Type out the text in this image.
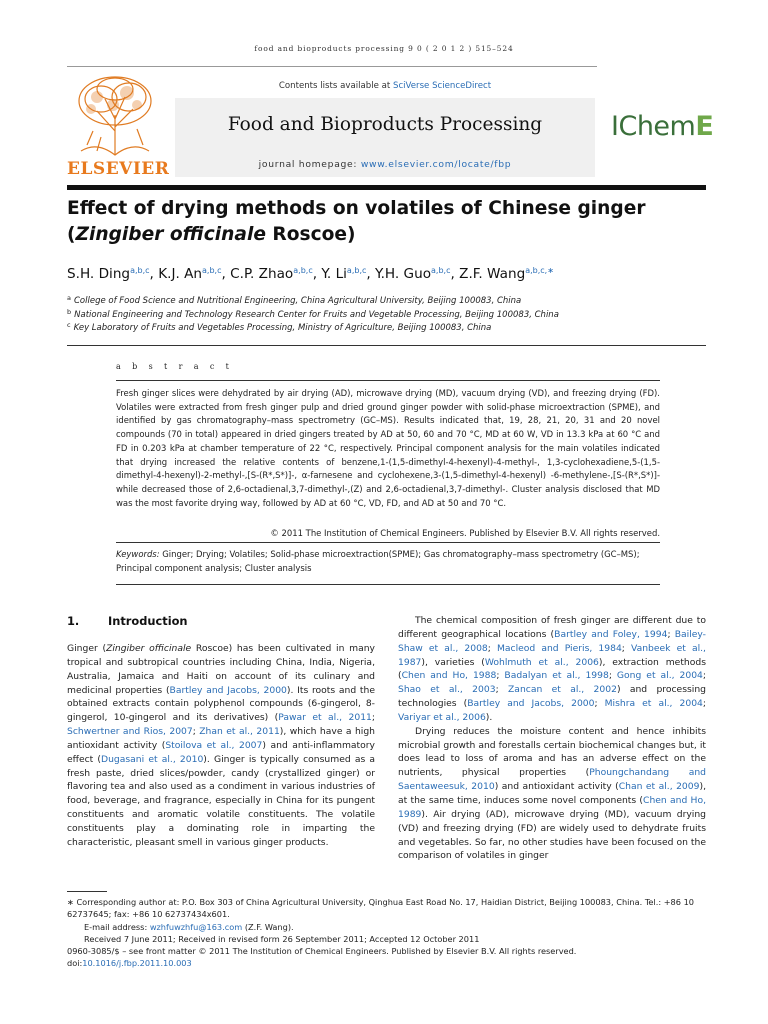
food and bioproducts processing 9 0 ( 2 0 1 2 ) 515–524
ELSEVIER
Contents lists available at SciVerse ScienceDirect
Food and Bioproducts Processing
journal homepage: www.elsevier.com/locate/fbp
IChemE
Effect of drying methods on volatiles of Chinese ginger
(Zingiber officinale Roscoe)
S.H. Ding$^{a,b,c}$, K.J. An$^{a,b,c}$, C.P. Zhao$^{a,b,c}$, Y. Li$^{a,b,c}$, Y.H. Guo$^{a,b,c}$, Z.F. Wang$^{a,b,c,∗}$
$^a$ College of Food Science and Nutritional Engineering, China Agricultural University, Beijing 100083, China
$^b$ National Engineering and Technology Research Center for Fruits and Vegetable Processing, Beijing 100083, China
$^c$ Key Laboratory of Fruits and Vegetables Processing, Ministry of Agriculture, Beijing 100083, China
a b s t r a c t
Fresh ginger slices were dehydrated by air drying (AD), microwave drying (MD), vacuum drying (VD), and freezing drying (FD). Volatiles were extracted from fresh ginger pulp and dried ground ginger powder with solid-phase microextraction (SPME), and identified by gas chromatography–mass spectrometry (GC–MS). Results indicated that, 19, 28, 21, 20, 31 and 20 novel compounds (70 in total) appeared in dried gingers treated by AD at 50, 60 and 70 °C, MD at 60 W, VD in 13.3 kPa at 60 °C and FD in 0.203 kPa at chamber temperature of 22 °C, respectively. Principal component analysis for the main volatiles indicated that drying increased the relative contents of benzene,1-(1,5-dimethyl-4-hexenyl)-4-methyl-, 1,3-cyclohexadiene,5-(1,5-dimethyl-4-hexenyl)-2-methyl-,[S-(R*,S*)]-, α-farnesene and cyclohexene,3-(1,5-dimethyl-4-hexenyl) -6-methylene-,[S-(R*,S*)]- while decreased those of 2,6-octadienal,3,7-dimethyl-,(Z) and 2,6-octadienal,3,7-dimethyl-. Cluster analysis disclosed that MD was the most favorite drying way, followed by AD at 60 °C, VD, FD, and AD at 50 and 70 °C.
© 2011 The Institution of Chemical Engineers. Published by Elsevier B.V. All rights reserved.
Keywords: Ginger; Drying; Volatiles; Solid-phase microextraction(SPME); Gas chromatography–mass spectrometry (GC–MS); Principal component analysis; Cluster analysis
1.	Introduction

Ginger (Zingiber officinale Roscoe) has been cultivated in many tropical and subtropical countries including China, India, Nigeria, Australia, Jamaica and Haiti on account of its culinary and medicinal properties (Bartley and Jacobs, 2000). Its roots and the obtained extracts contain polyphenol compounds (6-gingerol, 8-gingerol, 10-gingerol and its derivatives) (Pawar et al., 2011; Schwertner and Rios, 2007; Zhan et al., 2011), which have a high antioxidant activity (Stoilova et al., 2007) and anti-inflammatory effect (Dugasani et al., 2010). Ginger is typically consumed as a fresh paste, dried slices/powder, candy (crystallized ginger) or flavoring tea and also used as a condiment in various industries of food, beverage, and fragrance, especially in China for its pungent constituents and aromatic volatile constituents. The volatile constituents play a dominating role in imparting the characteristic, pleasant smell in various ginger products.

The chemical composition of fresh ginger are different due to different geographical locations (Bartley and Foley, 1994; Bailey-Shaw et al., 2008; Macleod and Pieris, 1984; Vanbeek et al., 1987), varieties (Wohlmuth et al., 2006), extraction methods (Chen and Ho, 1988; Badalyan et al., 1998; Gong et al., 2004; Shao et al., 2003; Zancan et al., 2002) and processing technologies (Bartley and Jacobs, 2000; Mishra et al., 2004; Variyar et al., 2006).

Drying reduces the moisture content and hence inhibits microbial growth and forestalls certain biochemical changes but, it does lead to loss of aroma and has an adverse effect on the nutrients, physical properties (Phoungchandang and Saentaweesuk, 2010) and antioxidant activity (Chan et al., 2009), at the same time, induces some novel components (Chen and Ho, 1989). Air drying (AD), microwave drying (MD), vacuum drying (VD) and freezing drying (FD) are widely used to dehydrate fruits and vegetables. So far, no other studies have been focused on the comparison of volatiles in ginger

∗ Corresponding author at: P.O. Box 303 of China Agricultural University, Qinghua East Road No. 17, Haidian District, Beijing 100083, China. Tel.: +86 10 62737645; fax: +86 10 62737434x601.
E-mail address: wzhfuwzhfu@163.com (Z.F. Wang).
Received 7 June 2011; Received in revised form 26 September 2011; Accepted 12 October 2011
0960-3085/$ – see front matter © 2011 The Institution of Chemical Engineers. Published by Elsevier B.V. All rights reserved.
doi:10.1016/j.fbp.2011.10.003
